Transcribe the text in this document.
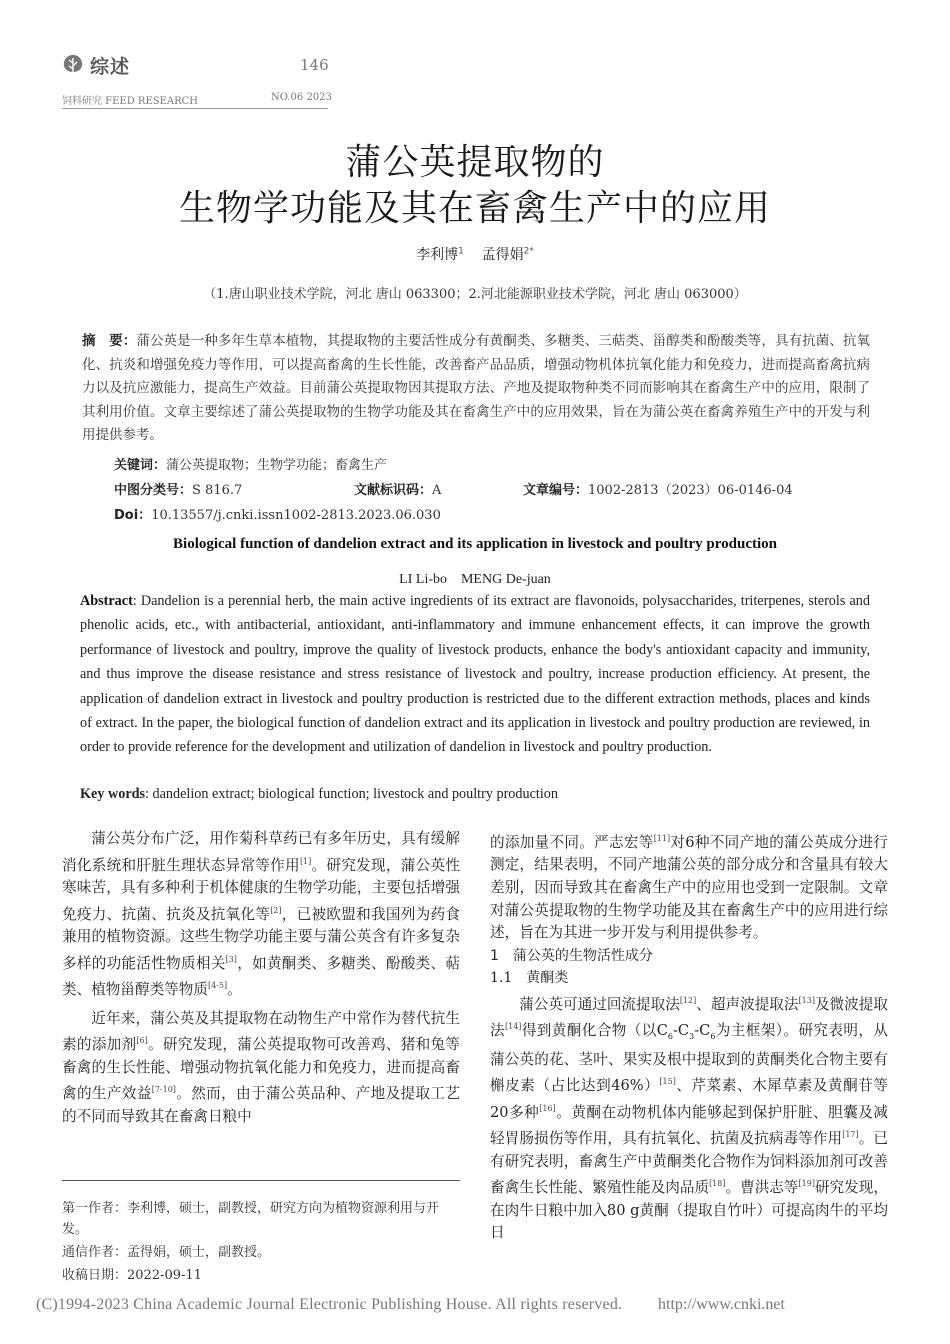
综述	146
饲料研究 FEED RESEARCH	NO.06 2023
蒲公英提取物的
生物学功能及其在畜禽生产中的应用
李利博$^1$ 孟得娟$^{2*}$
（1.唐山职业技术学院，河北 唐山 063300；2.河北能源职业技术学院，河北 唐山 063000）
摘　要：蒲公英是一种多年生草本植物，其提取物的主要活性成分有黄酮类、多糖类、三萜类、甾醇类和酚酸类等，具有抗菌、抗氧化、抗炎和增强免疫力等作用，可以提高畜禽的生长性能，改善畜产品品质，增强动物机体抗氧化能力和免疫力，进而提高畜禽抗病力以及抗应激能力，提高生产效益。目前蒲公英提取物因其提取方法、产地及提取物种类不同而影响其在畜禽生产中的应用，限制了其利用价值。文章主要综述了蒲公英提取物的生物学功能及其在畜禽生产中的应用效果，旨在为蒲公英在畜禽养殖生产中的开发与利用提供参考。
关键词：蒲公英提取物；生物学功能；畜禽生产
中图分类号：S 816.7	文献标识码：A	文章编号：1002-2813（2023）06-0146-04
Doi：10.13557/j.cnki.issn1002-2813.2023.06.030
Biological function of dandelion extract and its application in livestock and poultry production
LI Li-bo　MENG De-juan
Abstract: Dandelion is a perennial herb, the main active ingredients of its extract are flavonoids, polysaccharides, triterpenes, sterols and phenolic acids, etc., with antibacterial, antioxidant, anti-inflammatory and immune enhancement effects, it can improve the growth performance of livestock and poultry, improve the quality of livestock products, enhance the body's antioxidant capacity and immunity, and thus improve the disease resistance and stress resistance of livestock and poultry, increase production efficiency. At present, the application of dandelion extract in livestock and poultry production is restricted due to the different extraction methods, places and kinds of extract. In the paper, the biological function of dandelion extract and its application in livestock and poultry production are reviewed, in order to provide reference for the development and utilization of dandelion in livestock and poultry production.
Key words: dandelion extract; biological function; livestock and poultry production

蒲公英分布广泛，用作菊科草药已有多年历史，具有缓解消化系统和肝脏生理状态异常等作用[1]。研究发现，蒲公英性寒味苦，具有多种利于机体健康的生物学功能，主要包括增强免疫力、抗菌、抗炎及抗氧化等[2]，已被欧盟和我国列为药食兼用的植物资源。这些生物学功能主要与蒲公英含有许多复杂多样的功能活性物质相关[3]，如黄酮类、多糖类、酚酸类、萜类、植物甾醇类等物质[4-5]。

近年来，蒲公英及其提取物在动物生产中常作为替代抗生素的添加剂[6]。研究发现，蒲公英提取物可改善鸡、猪和兔等畜禽的生长性能、增强动物抗氧化能力和免疫力，进而提高畜禽的生产效益[7-10]。然而，由于蒲公英品种、产地及提取工艺的不同而导致其在畜禽日粮中

第一作者：李利博，硕士，副教授，研究方向为植物资源利用与开发。
通信作者：孟得娟，硕士，副教授。
收稿日期：2022-09-11

的添加量不同。严志宏等[11]对6种不同产地的蒲公英成分进行测定，结果表明，不同产地蒲公英的部分成分和含量具有较大差别，因而导致其在畜禽生产中的应用也受到一定限制。文章对蒲公英提取物的生物学功能及其在畜禽生产中的应用进行综述，旨在为其进一步开发与利用提供参考。

1　蒲公英的生物活性成分

1.1　黄酮类

蒲公英可通过回流提取法[12]、超声波提取法[13]及微波提取法[14]得到黄酮化合物（以$C_6-C_3-C_6$为主框架）。研究表明，从蒲公英的花、茎叶、果实及根中提取到的黄酮类化合物主要有槲皮素（占比达到46%）[15]、芹菜素、木犀草素及黄酮苷等20多种[16]。黄酮在动物机体内能够起到保护肝脏、胆囊及减轻胃肠损伤等作用，具有抗氧化、抗菌及抗病毒等作用[17]。已有研究表明，畜禽生产中黄酮类化合物作为饲料添加剂可改善畜禽生长性能、繁殖性能及肉品质[18]。曹洪志等[19]研究发现，在肉牛日粮中加入80 g黄酮（提取自竹叶）可提高肉牛的平均日

(C)1994-2023 China Academic Journal Electronic Publishing House. All rights reserved. http://www.cnki.net
